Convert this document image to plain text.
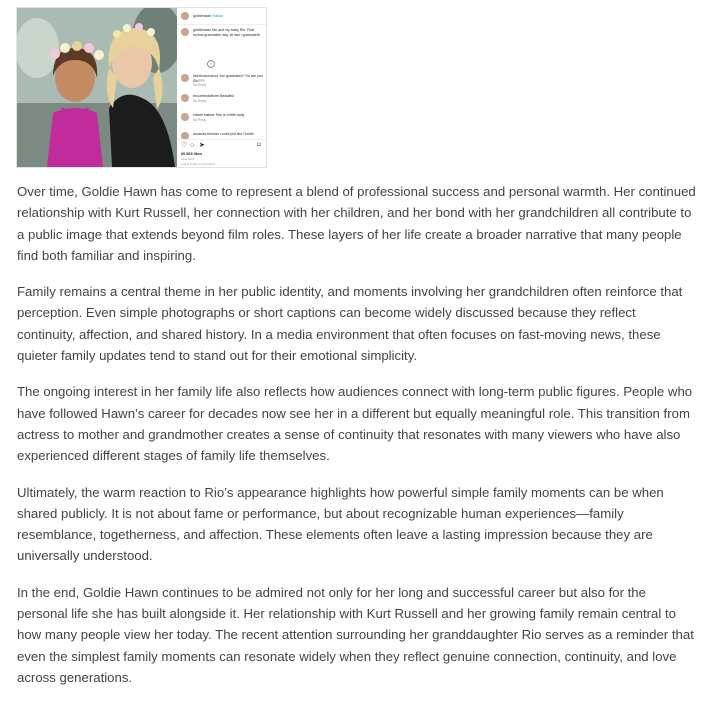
goldiehawn Follow
goldiehawn Me and my baby Rio. First school graduation day. At last I graduated!
+
sherlockorwood You graduated? So are you Rio???
5w Reply
bruceriestafforre Beautiful
5w Reply
robbie.sistear She is a little dolly
5w Reply
amanda.thomas Looks just like Goldie
♡ ○ ➤	⌑
60,569 likes
June 2022
Log in to like or comment.

Over time, Goldie Hawn has come to represent a blend of professional success and personal warmth. Her continued relationship with Kurt Russell, her connection with her children, and her bond with her grandchildren all contribute to a public image that extends beyond film roles. These layers of her life create a broader narrative that many people find both familiar and inspiring.

Family remains a central theme in her public identity, and moments involving her grandchildren often reinforce that perception. Even simple photographs or short captions can become widely discussed because they reflect continuity, affection, and shared history. In a media environment that often focuses on fast-moving news, these quieter family updates tend to stand out for their emotional simplicity.

The ongoing interest in her family life also reflects how audiences connect with long-term public figures. People who have followed Hawn’s career for decades now see her in a different but equally meaningful role. This transition from actress to mother and grandmother creates a sense of continuity that resonates with many viewers who have also experienced different stages of family life themselves.

Ultimately, the warm reaction to Rio’s appearance highlights how powerful simple family moments can be when shared publicly. It is not about fame or performance, but about recognizable human experiences—family resemblance, togetherness, and affection. These elements often leave a lasting impression because they are universally understood.

In the end, Goldie Hawn continues to be admired not only for her long and successful career but also for the personal life she has built alongside it. Her relationship with Kurt Russell and her growing family remain central to how many people view her today. The recent attention surrounding her granddaughter Rio serves as a reminder that even the simplest family moments can resonate widely when they reflect genuine connection, continuity, and love across generations.
